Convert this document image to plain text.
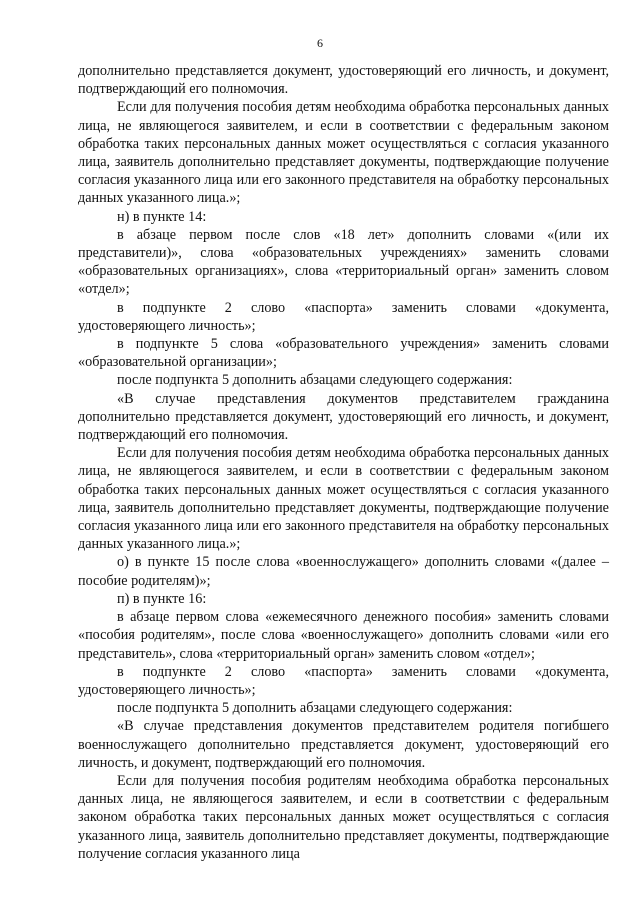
6

дополнительно представляется документ, удостоверяющий его личность, и документ, подтверждающий его полномочия.

Если для получения пособия детям необходима обработка персональных данных лица, не являющегося заявителем, и если в соответствии с федеральным законом обработка таких персональных данных может осуществляться с согласия указанного лица, заявитель дополнительно представляет документы, подтверждающие получение согласия указанного лица или его законного представителя на обработку персональных данных указанного лица.»;

н) в пункте 14:

в абзаце первом после слов «18 лет» дополнить словами «(или их представители)», слова «образовательных учреждениях» заменить словами «образовательных организациях», слова «территориальный орган» заменить словом «отдел»;

в подпункте 2 слово «паспорта» заменить словами «документа, удостоверяющего личность»;

в подпункте 5 слова «образовательного учреждения» заменить словами «образовательной организации»;

после подпункта 5 дополнить абзацами следующего содержания:

«В случае представления документов представителем гражданина дополнительно представляется документ, удостоверяющий его личность, и документ, подтверждающий его полномочия.

Если для получения пособия детям необходима обработка персональных данных лица, не являющегося заявителем, и если в соответствии с федеральным законом обработка таких персональных данных может осуществляться с согласия указанного лица, заявитель дополнительно представляет документы, подтверждающие получение согласия указанного лица или его законного представителя на обработку персональных данных указанного лица.»;

о) в пункте 15 после слова «военнослужащего» дополнить словами «(далее – пособие родителям)»;

п) в пункте 16:

в абзаце первом слова «ежемесячного денежного пособия» заменить словами «пособия родителям», после слова «военнослужащего» дополнить словами «или его представитель», слова «территориальный орган» заменить словом «отдел»;

в подпункте 2 слово «паспорта» заменить словами «документа, удостоверяющего личность»;

после подпункта 5 дополнить абзацами следующего содержания:

«В случае представления документов представителем родителя погибшего военнослужащего дополнительно представляется документ, удостоверяющий его личность, и документ, подтверждающий его полномочия.

Если для получения пособия родителям необходима обработка персональных данных лица, не являющегося заявителем, и если в соответствии с федеральным законом обработка таких персональных данных может осуществляться с согласия указанного лица, заявитель дополнительно представляет документы, подтверждающие получение согласия указанного лица
